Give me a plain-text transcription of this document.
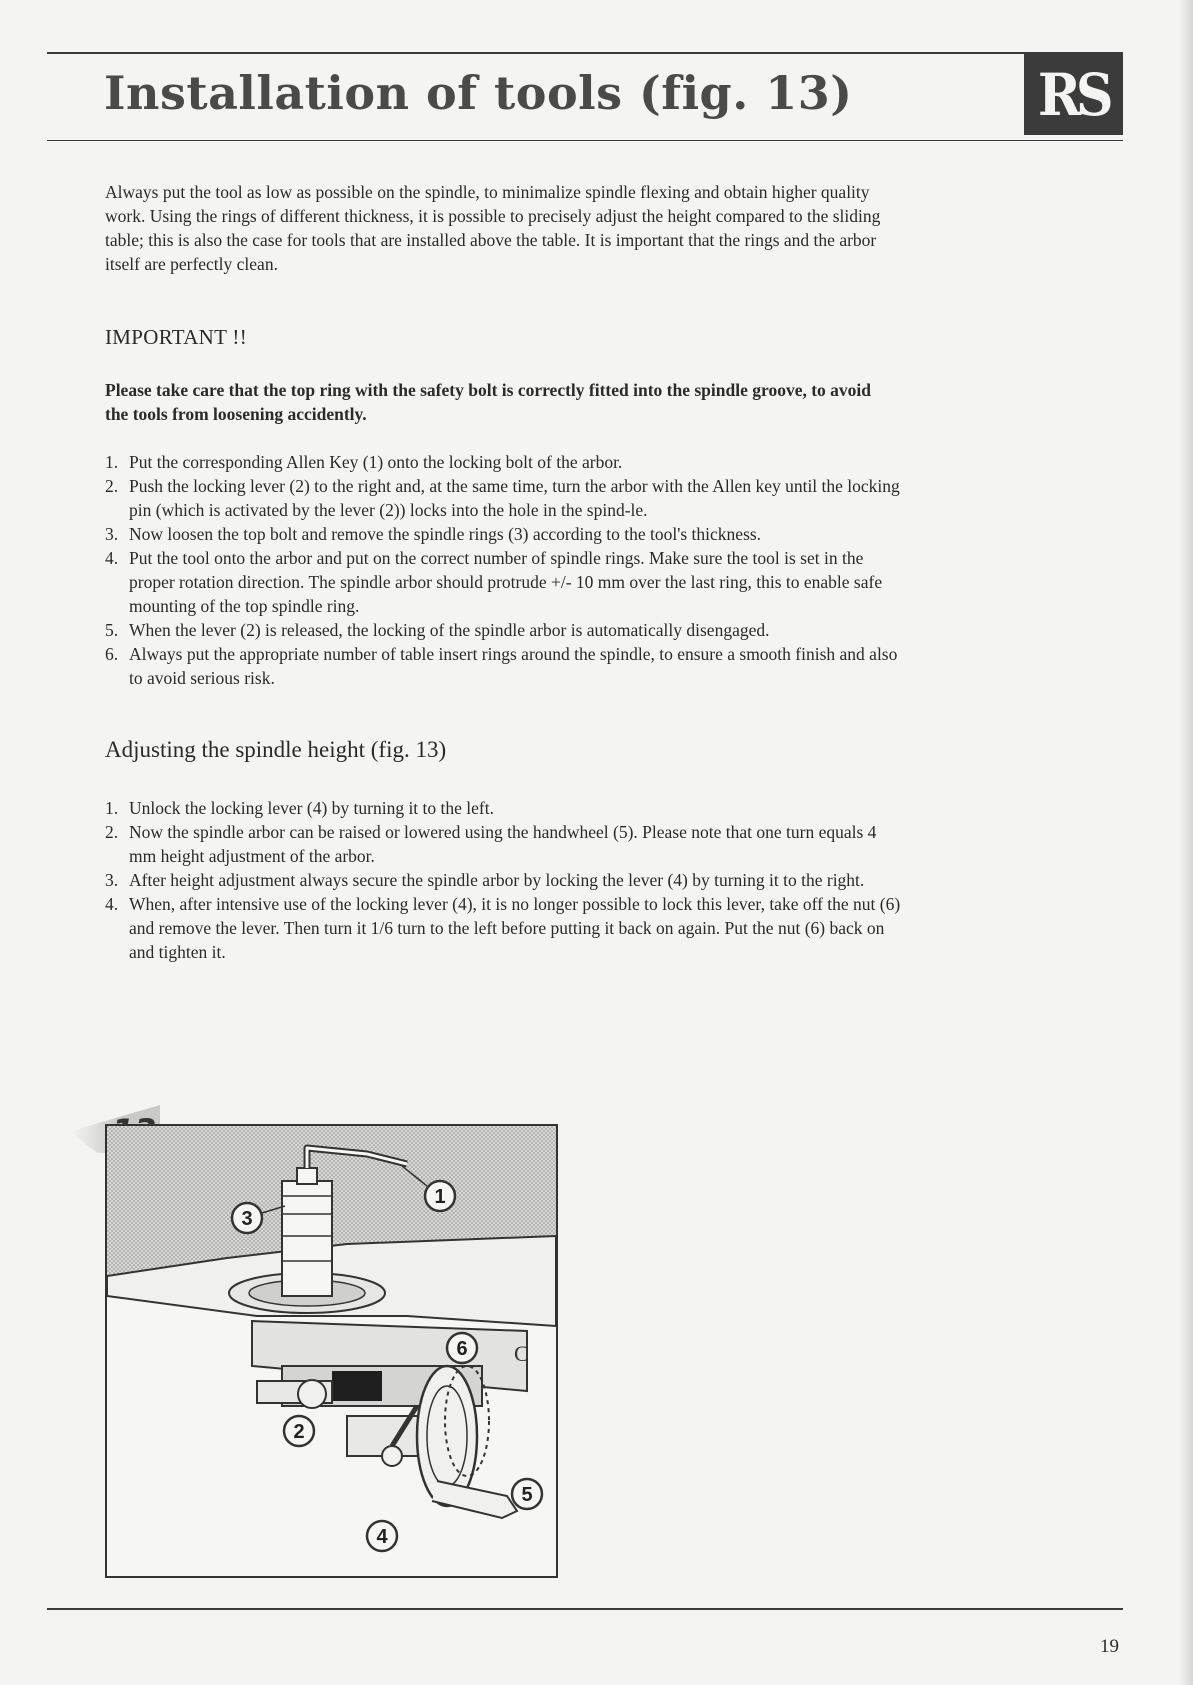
Installation of tools (fig. 13)	RS

Always put the tool as low as possible on the spindle, to minimalize spindle flexing and obtain higher quality work. Using the rings of different thickness, it is possible to precisely adjust the height compared to the sliding table; this is also the case for tools that are installed above the table. It is important that the rings and the arbor itself are perfectly clean.

IMPORTANT !!

Please take care that the top ring with the safety bolt is correctly fitted into the spindle groove, to avoid the tools from loosening accidently.

1. Put the corresponding Allen Key (1) onto the locking bolt of the arbor.
2. Push the locking lever (2) to the right and, at the same time, turn the arbor with the Allen key until the locking pin (which is activated by the lever (2)) locks into the hole in the spind-le.
3. Now loosen the top bolt and remove the spindle rings (3) according to the tool's thickness.
4. Put the tool onto the arbor and put on the correct number of spindle rings. Make sure the tool is set in the proper rotation direction. The spindle arbor should protrude +/- 10 mm over the last ring, this to enable safe mounting of the top spindle ring.
5. When the lever (2) is released, the locking of the spindle arbor is automatically disengaged.
6. Always put the appropriate number of table insert rings around the spindle, to ensure a smooth finish and also to avoid serious risk.
Adjusting the spindle height (fig. 13)
1. Unlock the locking lever (4) by turning it to the left.
2. Now the spindle arbor can be raised or lowered using the handwheel (5). Please note that one turn equals 4 mm height adjustment of the arbor.
3. After height adjustment always secure the spindle arbor by locking the lever (4) by turning it to the right.
4. When, after intensive use of the locking lever (4), it is no longer possible to lock this lever, take off the nut (6) and remove the lever. Then turn it 1/6 turn to the left before putting it back on again. Put the nut (6) back on and tighten it.
1
3
6
2
4
5
C
19
